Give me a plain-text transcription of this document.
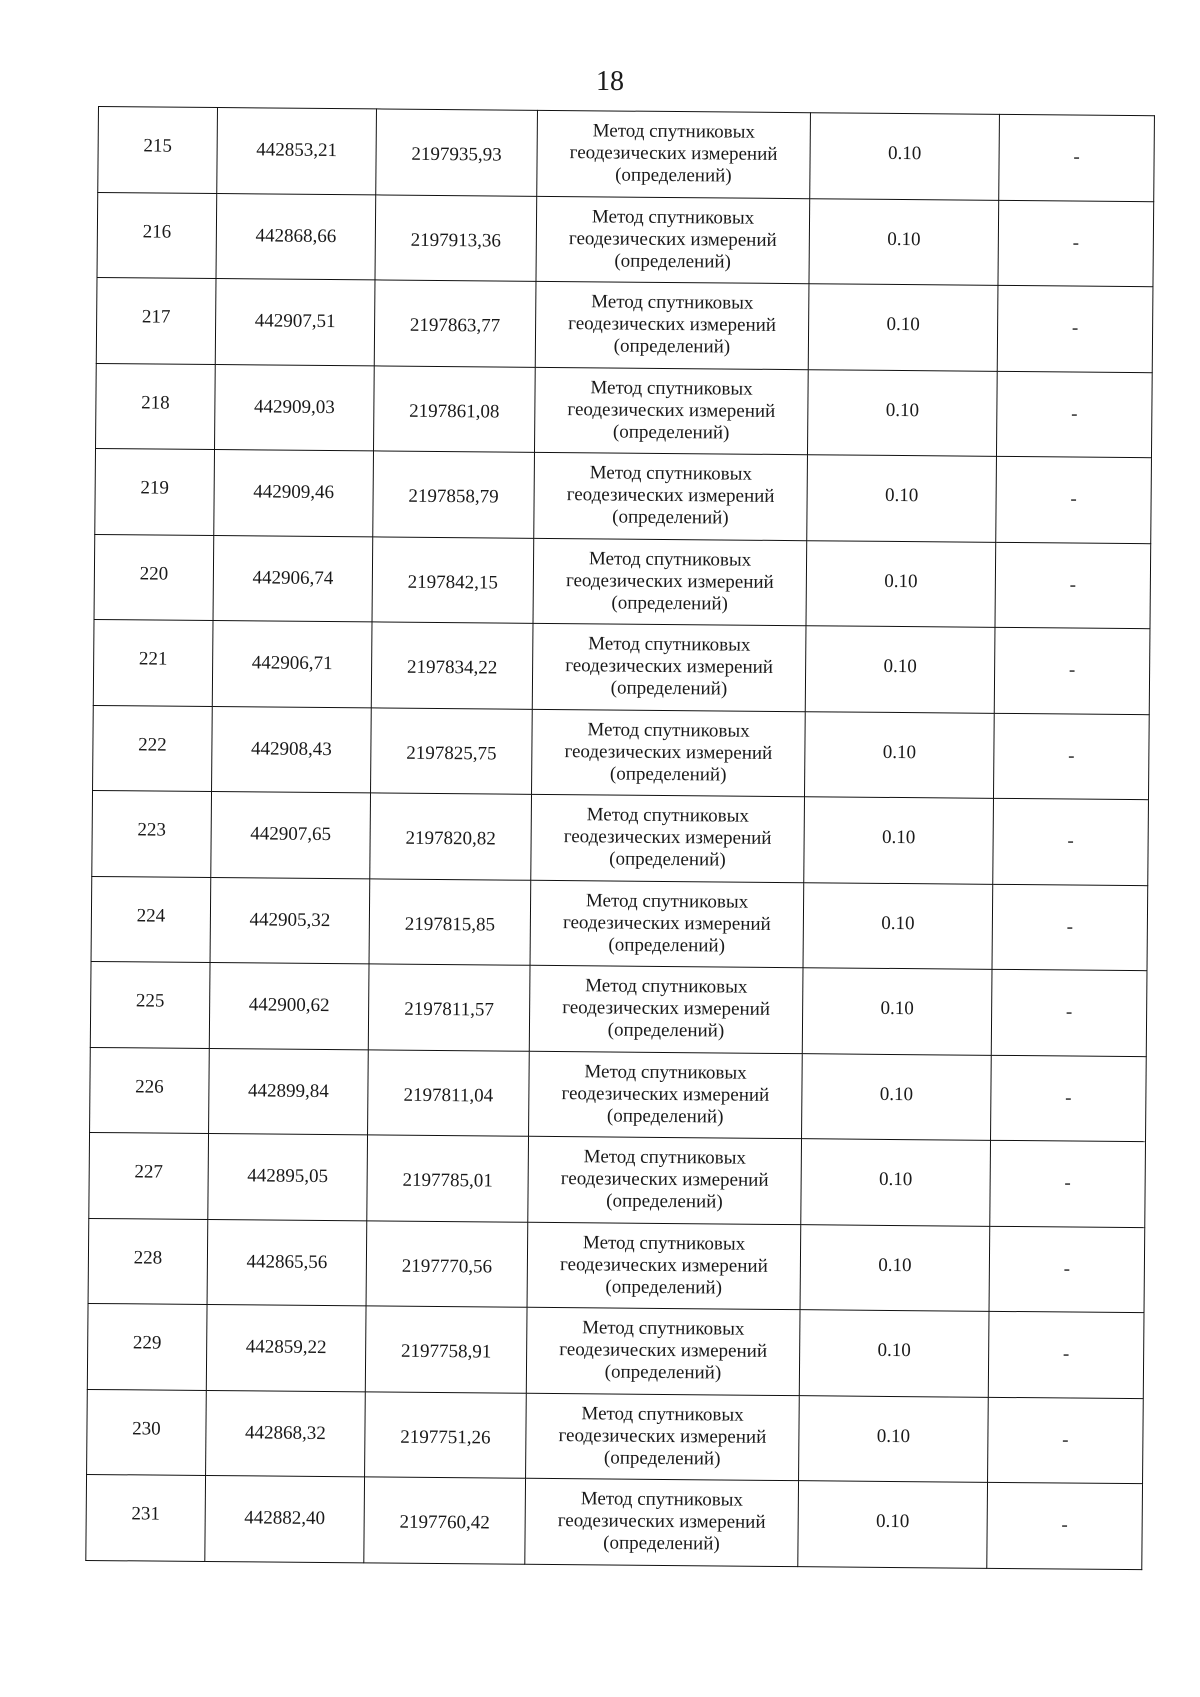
18
215	442853,21	2197935,93	Метод спутниковых
геодезических измерений
(определений)	0.10	-
216	442868,66	2197913,36	Метод спутниковых
геодезических измерений
(определений)	0.10	-
217	442907,51	2197863,77	Метод спутниковых
геодезических измерений
(определений)	0.10	-
218	442909,03	2197861,08	Метод спутниковых
геодезических измерений
(определений)	0.10	-
219	442909,46	2197858,79	Метод спутниковых
геодезических измерений
(определений)	0.10	-
220	442906,74	2197842,15	Метод спутниковых
геодезических измерений
(определений)	0.10	-
221	442906,71	2197834,22	Метод спутниковых
геодезических измерений
(определений)	0.10	-
222	442908,43	2197825,75	Метод спутниковых
геодезических измерений
(определений)	0.10	-
223	442907,65	2197820,82	Метод спутниковых
геодезических измерений
(определений)	0.10	-
224	442905,32	2197815,85	Метод спутниковых
геодезических измерений
(определений)	0.10	-
225	442900,62	2197811,57	Метод спутниковых
геодезических измерений
(определений)	0.10	-
226	442899,84	2197811,04	Метод спутниковых
геодезических измерений
(определений)	0.10	-
227	442895,05	2197785,01	Метод спутниковых
геодезических измерений
(определений)	0.10	-
228	442865,56	2197770,56	Метод спутниковых
геодезических измерений
(определений)	0.10	-
229	442859,22	2197758,91	Метод спутниковых
геодезических измерений
(определений)	0.10	-
230	442868,32	2197751,26	Метод спутниковых
геодезических измерений
(определений)	0.10	-
231	442882,40	2197760,42	Метод спутниковых
геодезических измерений
(определений)	0.10	-
